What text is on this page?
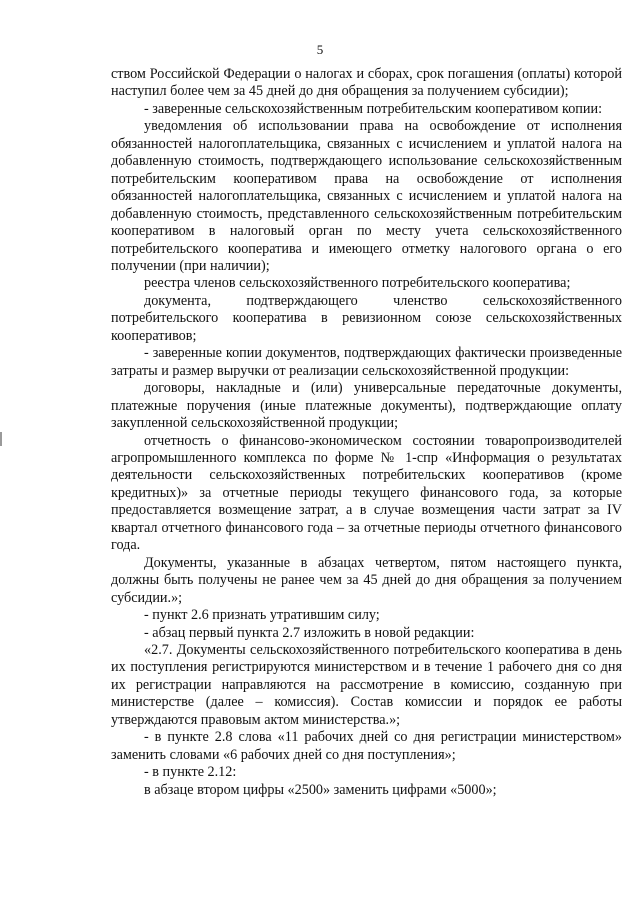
5

ством Российской Федерации о налогах и сборах, срок погашения (оплаты) которой наступил более чем за 45 дней до дня обращения за получением субсидии);

- заверенные сельскохозяйственным потребительским кооперативом копии:

уведомления об использовании права на освобождение от исполнения обязанностей налогоплательщика, связанных с исчислением и уплатой налога на добавленную стоимость, подтверждающего использование сельскохозяйственным потребительским кооперативом права на освобождение от исполнения обязанностей налогоплательщика, связанных с исчислением и уплатой налога на добавленную стоимость, представленного сельскохозяйственным потребительским кооперативом в налоговый орган по месту учета сельскохозяйственного потребительского кооператива и имеющего отметку налогового органа о его получении (при наличии);

реестра членов сельскохозяйственного потребительского кооператива;

документа, подтверждающего членство сельскохозяйственного потребительского кооператива в ревизионном союзе сельскохозяйственных кооперативов;

- заверенные копии документов, подтверждающих фактически произведенные затраты и размер выручки от реализации сельскохозяйственной продукции:

договоры, накладные и (или) универсальные передаточные документы, платежные поручения (иные платежные документы), подтверждающие оплату закупленной сельскохозяйственной продукции;

отчетность о финансово-экономическом состоянии товаропроизводителей агропромышленного комплекса по форме № 1-спр «Информация о результатах деятельности сельскохозяйственных потребительских кооперативов (кроме кредитных)» за отчетные периоды текущего финансового года, за которые предоставляется возмещение затрат, а в случае возмещения части затрат за IV квартал отчетного финансового года – за отчетные периоды отчетного финансового года.

Документы, указанные в абзацах четвертом, пятом настоящего пункта, должны быть получены не ранее чем за 45 дней до дня обращения за получением субсидии.»;

- пункт 2.6 признать утратившим силу;

- абзац первый пункта 2.7 изложить в новой редакции:

«2.7. Документы сельскохозяйственного потребительского кооператива в день их поступления регистрируются министерством и в течение 1 рабочего дня со дня их регистрации направляются на рассмотрение в комиссию, созданную при министерстве (далее – комиссия). Состав комиссии и порядок ее работы утверждаются правовым актом министерства.»;

- в пункте 2.8 слова «11 рабочих дней со дня регистрации министерством» заменить словами «6 рабочих дней со дня поступления»;

- в пункте 2.12:

в абзаце втором цифры «2500» заменить цифрами «5000»;
